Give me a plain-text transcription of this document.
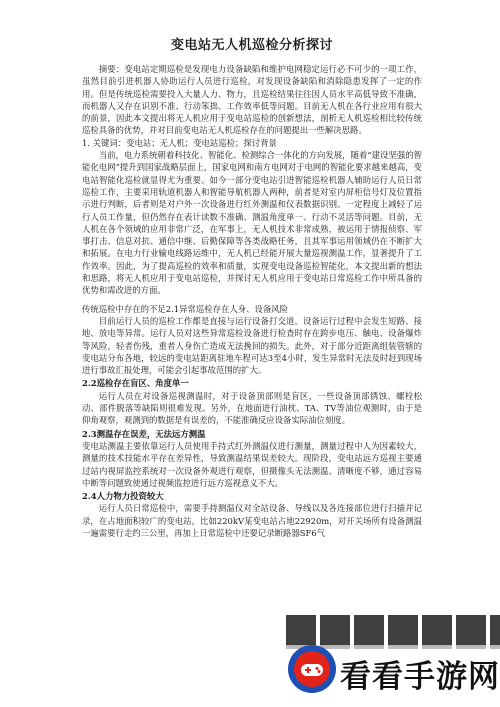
变电站无人机巡检分析探讨

摘要：变电站定期巡检是发现电力设备缺陷和维护电网稳定运行必不可少的一项工作，虽然目前引进机器人协助运行人员进行巡检，对发现设备缺陷和消除隐患发挥了一定的作用。但是传统巡检需要投入大量人力、物力，且巡检结果往往因人员水平高低导致不准确，而机器人又存在识别不准、行动笨拙、工作效率低等问题。目前无人机在各行业应用有很大的前景，因此本文提出将无人机应用于变电站巡检的创新想法，剖析无人机巡检相比较传统巡检具备的优势，并对目前变电站无人机巡检存在的问题提出一些解决思路。

1. 关键词：变电站；无人机；变电站巡检；探讨背景

当前，电力系统朝着科技化、智能化、检测综合一体化的方向发展，随着“建设坚强的智能化电网”提升到国家战略层面上，国家电网和南方电网对于电网的智能化要求越来越高，变电站智能化巡检就显得尤为重要。如今一部分变电站引进智能巡检机器人辅助运行人员日常巡检工作，主要采用轨道机器人和智能导航机器人两种，前者是对室内屏柜信号灯及位置指示进行判断，后者则是对户外一次设备进行红外测温和仪表数据识别。一定程度上减轻了运行人员工作量，但仍然存在表计读数不准确、测温角度单一、行动不灵活等问题。目前，无人机在各个领域的应用非常广泛，在军事上，无人机技术非常成熟，被运用于情报侦察、军事打击、信息对抗、通信中继、后勤保障等各类战略任务，且其军事运用领域仍在不断扩大和拓展。在电力行业输电线路运维中，无人机已经能开展大量巡视测温工作，显著提升了工作效率。因此，为了提高巡检的效率和质量，实现变电设备巡检智能化，本文提出新的想法和思路，将无人机应用于变电站巡检，并探讨无人机应用于变电站日常巡检工作中所具备的优势和需改进的方面。

传统巡检中存在的不足2.1异常巡检存在人身、设备风险

目前运行人员的巡检工作都是直接与运行设备打交道。设备运行过程中会发生短路、接地、放电等异常。运行人员对这些异常巡检设备进行检查时存在跨步电压、触电、设备爆炸等风险，轻者伤残，重者人身伤亡造成无法挽回的损失。此外，对于部分近距离组装管辖的变电站分布各地，较远的变电站距离驻地车程可达3至4小时，发生异常时无法及时赶到现场进行事故汇报处理，可能会引起事故范围的扩大。

2.2巡检存在盲区、角度单一

运行人员在对设备巡视测温时，对于设备顶部则是盲区，一些设备顶部锈蚀、螺栓松动、部件脱落等缺陷则很难发现。另外，在地面进行油枕、TA、TV等油位观测时，由于是仰角观察，观测到的数据是有误差的，不能准确反应设备实际油位刻度。

2.3测温存在误差，无法远方测温

变电站测温主要依靠运行人员使用手持式红外测温仪进行测量，测量过程中人为因素较大，测量的技术技能水平存在差异性，导致测温结果误差较大。现阶段，变电站远方巡视主要通过站内视屏监控系统对一次设备外观进行观察，但摄像头无法测温、清晰度不够，通过容易中断等问题致使通过视频监控进行远方巡视意义不大。

2.4人力物力投资较大

运行人员日常巡检中，需要手持测温仪对全站设备、导线以及各连接部位进行扫描并记录，在占地面积较广的变电站，比如220kV某变电站占地22920m，对开关场所有设备测温一遍需要行走约三公里，再加上日常巡检中还要记录断路器SF6气

看看手游网
